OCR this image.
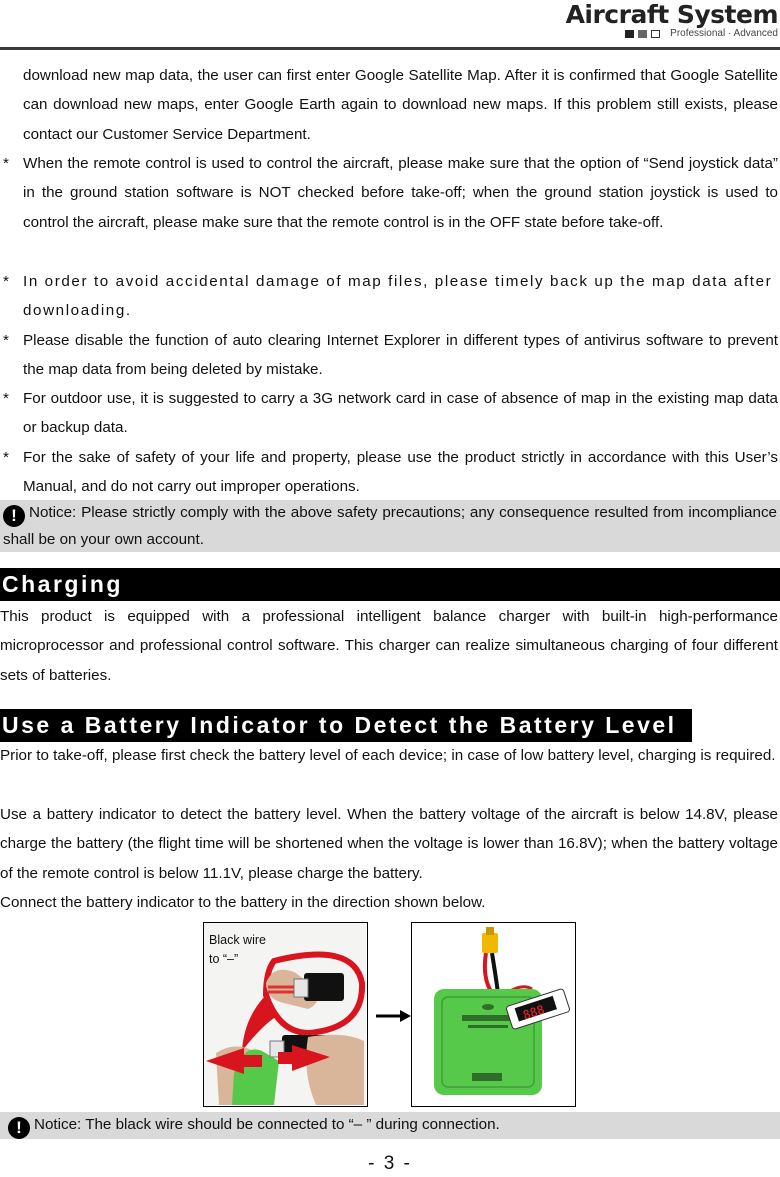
Aircraft System
Professional · Advanced
download new map data, the user can first enter Google Satellite Map. After it is confirmed that Google Satellite can download new maps, enter Google Earth again to download new maps. If this problem still exists, please contact our Customer Service Department.
* When the remote control is used to control the aircraft, please make sure that the option of “Send joystick data” in the ground station software is NOT checked before take-off; when the ground station joystick is used to control the aircraft, please make sure that the remote control is in the OFF state before take-off.
* In order to avoid accidental damage of map files, please timely back up the map data after downloading.
* Please disable the function of auto clearing Internet Explorer in different types of antivirus software to prevent the map data from being deleted by mistake.
* For outdoor use, it is suggested to carry a 3G network card in case of absence of map in the existing map data or backup data.
* For the sake of safety of your life and property, please use the product strictly in accordance with this User’s Manual, and do not carry out improper operations.
! Notice: Please strictly comply with the above safety precautions; any consequence resulted from incompliance shall be on your own account.
Charging
This product is equipped with a professional intelligent balance charger with built-in high-performance microprocessor and professional control software. This charger can realize simultaneous charging of four different sets of batteries.
Use a Battery Indicator to Detect the Battery Level
Prior to take-off, please first check the battery level of each device; in case of low battery level, charging is required.
Use a battery indicator to detect the battery level. When the battery voltage of the aircraft is below 14.8V, please charge the battery (the flight time will be shortened when the voltage is lower than 16.8V); when the battery voltage of the remote control is below 11.1V, please charge the battery.
Connect the battery indicator to the battery in the direction shown below.
Black wire
to “–”
888
! Notice: The black wire should be connected to “– ” during connection.
- 3 -
